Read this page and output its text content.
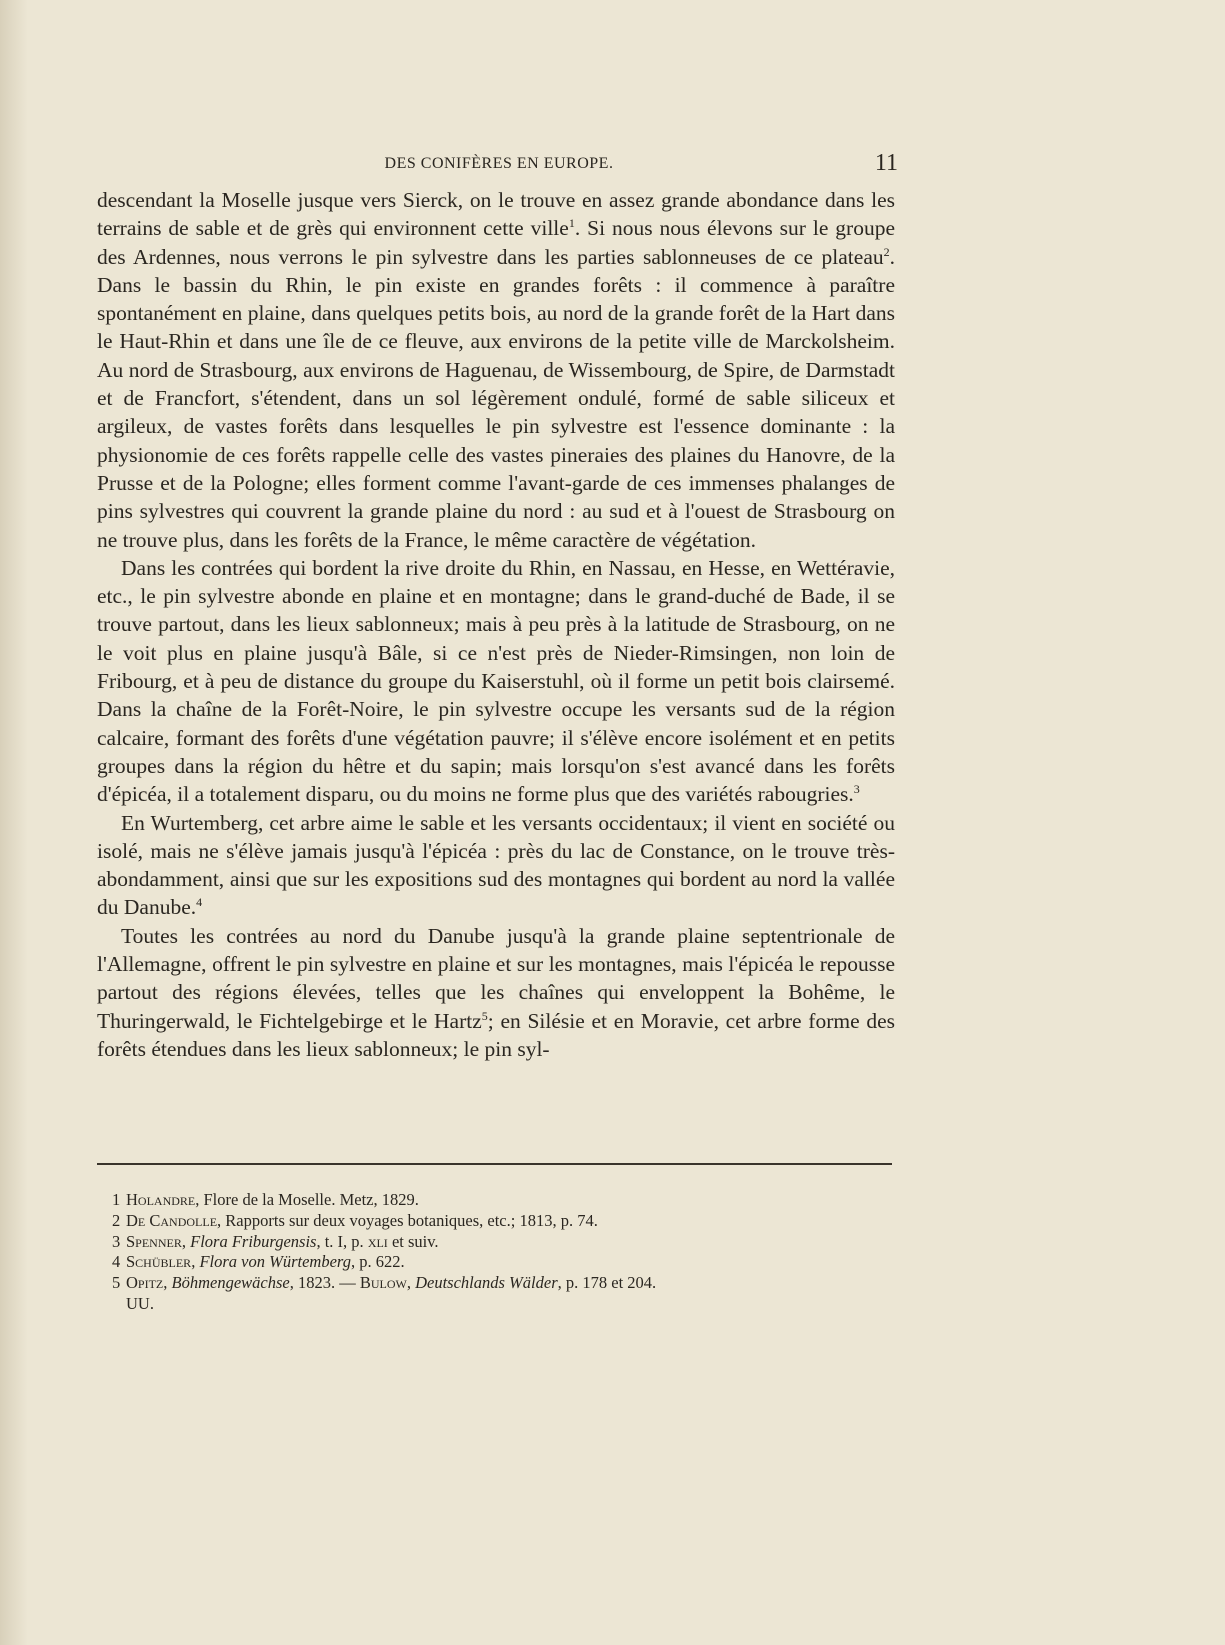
DES CONIFÈRES EN EUROPE.	11

descendant la Moselle jusque vers Sierck, on le trouve en assez grande abondance dans les terrains de sable et de grès qui environnent cette ville$^1$. Si nous nous élevons sur le groupe des Ardennes, nous verrons le pin sylvestre dans les parties sablonneuses de ce plateau$^2$. Dans le bassin du Rhin, le pin existe en grandes forêts : il commence à paraître spontanément en plaine, dans quelques petits bois, au nord de la grande forêt de la Hart dans le Haut-Rhin et dans une île de ce fleuve, aux environs de la petite ville de Marckolsheim. Au nord de Strasbourg, aux environs de Haguenau, de Wissembourg, de Spire, de Darmstadt et de Francfort, s'étendent, dans un sol légèrement ondulé, formé de sable siliceux et argileux, de vastes forêts dans lesquelles le pin sylvestre est l'essence dominante : la physionomie de ces forêts rappelle celle des vastes pineraies des plaines du Hanovre, de la Prusse et de la Pologne; elles forment comme l'avant-garde de ces immenses phalanges de pins sylvestres qui couvrent la grande plaine du nord : au sud et à l'ouest de Strasbourg on ne trouve plus, dans les forêts de la France, le même caractère de végétation.

Dans les contrées qui bordent la rive droite du Rhin, en Nassau, en Hesse, en Wettéravie, etc., le pin sylvestre abonde en plaine et en montagne; dans le grand-duché de Bade, il se trouve partout, dans les lieux sablonneux; mais à peu près à la latitude de Strasbourg, on ne le voit plus en plaine jusqu'à Bâle, si ce n'est près de Nieder-Rimsingen, non loin de Fribourg, et à peu de distance du groupe du Kaiserstuhl, où il forme un petit bois clairsemé. Dans la chaîne de la Forêt-Noire, le pin sylvestre occupe les versants sud de la région calcaire, formant des forêts d'une végétation pauvre; il s'élève encore isolément et en petits groupes dans la région du hêtre et du sapin; mais lorsqu'on s'est avancé dans les forêts d'épicéa, il a totalement disparu, ou du moins ne forme plus que des variétés rabougries.$^3$

En Wurtemberg, cet arbre aime le sable et les versants occidentaux; il vient en société ou isolé, mais ne s'élève jamais jusqu'à l'épicéa : près du lac de Constance, on le trouve très-abondamment, ainsi que sur les expositions sud des montagnes qui bordent au nord la vallée du Danube.$^4$

Toutes les contrées au nord du Danube jusqu'à la grande plaine septentrionale de l'Allemagne, offrent le pin sylvestre en plaine et sur les montagnes, mais l'épicéa le repousse partout des régions élevées, telles que les chaînes qui enveloppent la Bohême, le Thuringerwald, le Fichtelgebirge et le Hartz$^5$; en Silésie et en Moravie, cet arbre forme des forêts étendues dans les lieux sablonneux; le pin syl-

1 Holandre, Flore de la Moselle. Metz, 1829.

2 De Candolle, Rapports sur deux voyages botaniques, etc.; 1813, p. 74.

3 Spenner, Flora Friburgensis, t. I, p. xli et suiv.

4 Schübler, Flora von Würtemberg, p. 622.

5 Opitz, Böhmengewächse, 1823. — Bulow, Deutschlands Wälder, p. 178 et 204.

UU.
